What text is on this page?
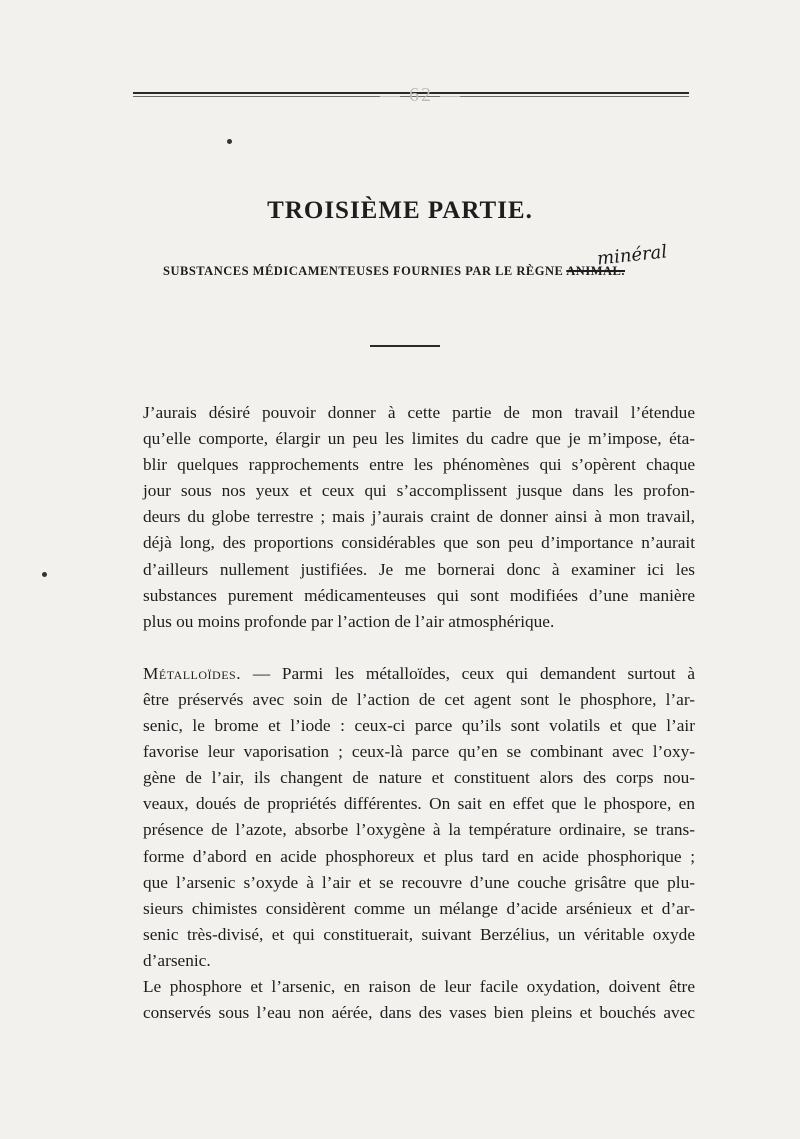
— 62 —
TROISIÈME PARTIE.
SUBSTANCES MÉDICAMENTEUSES FOURNIES PAR LE RÈGNE ANIMAL.
minéral

J’aurais désiré pouvoir donner à cette partie de mon travail l’étendue
qu’elle comporte, élargir un peu les limites du cadre que je m’impose, éta-
blir quelques rapprochements entre les phénomènes qui s’opèrent chaque
jour sous nos yeux et ceux qui s’accomplissent jusque dans les profon-
deurs du globe terrestre ; mais j’aurais craint de donner ainsi à mon travail,
déjà long, des proportions considérables que son peu d’importance n’aurait
d’ailleurs nullement justifiées. Je me bornerai donc à examiner ici les
substances purement médicamenteuses qui sont modifiées d’une manière
plus ou moins profonde par l’action de l’air atmosphérique.

Métalloïdes. — Parmi les métalloïdes, ceux qui demandent surtout à
être préservés avec soin de l’action de cet agent sont le phosphore, l’ar-
senic, le brome et l’iode : ceux-ci parce qu’ils sont volatils et que l’air
favorise leur vaporisation ; ceux-là parce qu’en se combinant avec l’oxy-
gène de l’air, ils changent de nature et constituent alors des corps nou-
veaux, doués de propriétés différentes. On sait en effet que le phospore, en
présence de l’azote, absorbe l’oxygène à la température ordinaire, se trans-
forme d’abord en acide phosphoreux et plus tard en acide phosphorique ;
que l’arsenic s’oxyde à l’air et se recouvre d’une couche grisâtre que plu-
sieurs chimistes considèrent comme un mélange d’acide arsénieux et d’ar-
senic très-divisé, et qui constituerait, suivant Berzélius, un véritable oxyde
d’arsenic.

Le phosphore et l’arsenic, en raison de leur facile oxydation, doivent être
conservés sous l’eau non aérée, dans des vases bien pleins et bouchés avec
